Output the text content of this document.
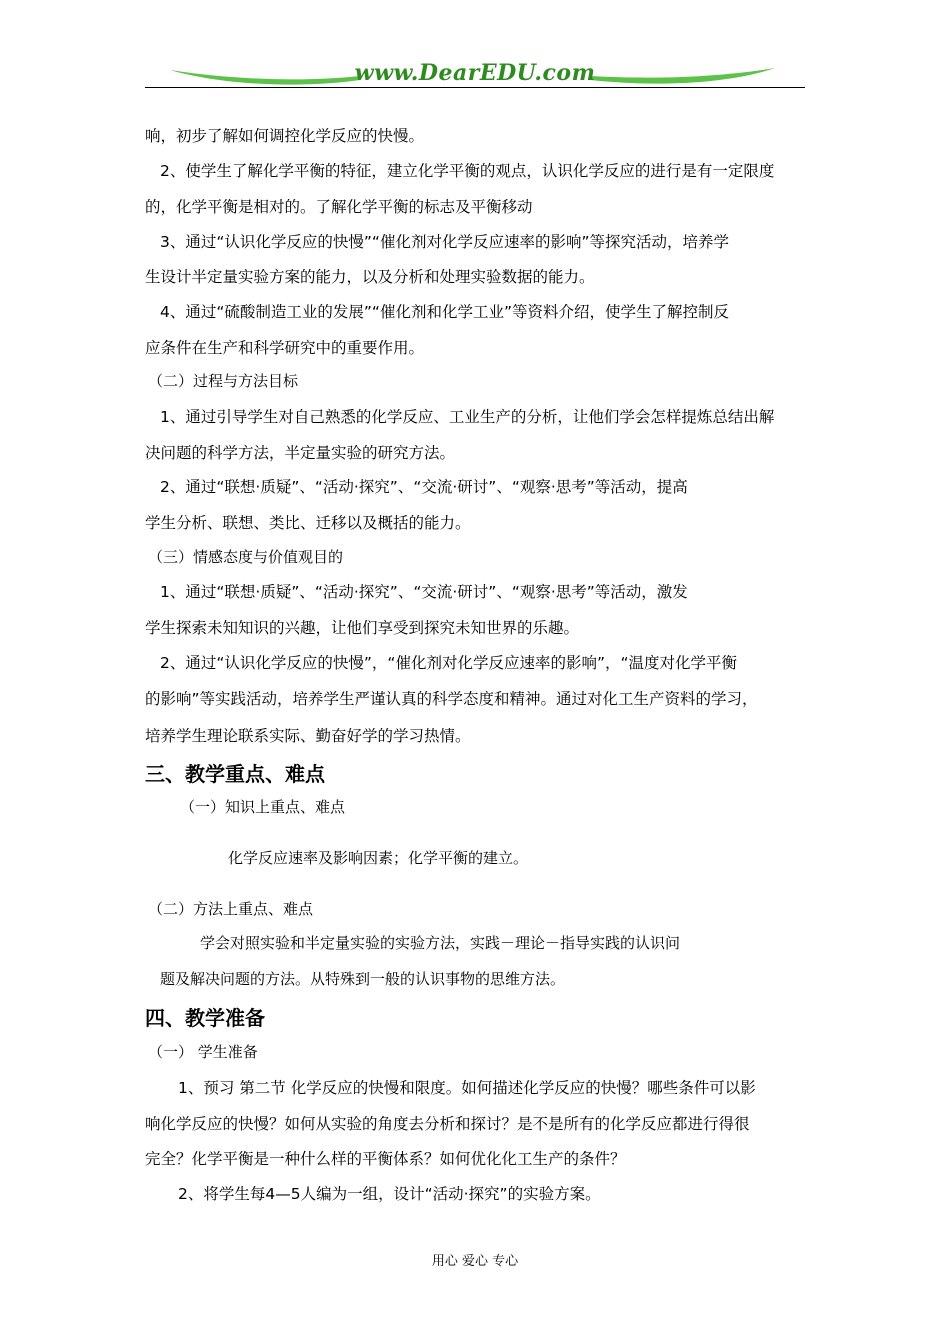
www.DearEDU.com

响，初步了解如何调控化学反应的快慢。

2、使学生了解化学平衡的特征，建立化学平衡的观点，认识化学反应的进行是有一定限度

的，化学平衡是相对的。了解化学平衡的标志及平衡移动

3、通过“认识化学反应的快慢”“催化剂对化学反应速率的影响”等探究活动，培养学

生设计半定量实验方案的能力，以及分析和处理实验数据的能力。

4、通过“硫酸制造工业的发展”“催化剂和化学工业”等资料介绍，使学生了解控制反

应条件在生产和科学研究中的重要作用。

（二）过程与方法目标

1、通过引导学生对自己熟悉的化学反应、工业生产的分析，让他们学会怎样提炼总结出解

决问题的科学方法，半定量实验的研究方法。

2、通过“联想·质疑”、“活动·探究”、“交流·研讨”、“观察·思考”等活动，提高

学生分析、联想、类比、迁移以及概括的能力。

（三）情感态度与价值观目的

1、通过“联想·质疑”、“活动·探究”、“交流·研讨”、“观察·思考”等活动，激发

学生探索未知知识的兴趣，让他们享受到探究未知世界的乐趣。

2、通过“认识化学反应的快慢”，“催化剂对化学反应速率的影响”，“温度对化学平衡

的影响”等实践活动，培养学生严谨认真的科学态度和精神。通过对化工生产资料的学习，

培养学生理论联系实际、勤奋好学的学习热情。

三、教学重点、难点

（一）知识上重点、难点

化学反应速率及影响因素；化学平衡的建立。

（二）方法上重点、难点

学会对照实验和半定量实验的实验方法，实践－理论－指导实践的认识问

题及解决问题的方法。从特殊到一般的认识事物的思维方法。

四、教学准备

（一） 学生准备

1、预习 第二节 化学反应的快慢和限度。如何描述化学反应的快慢？哪些条件可以影

响化学反应的快慢？如何从实验的角度去分析和探讨？是不是所有的化学反应都进行得很

完全？化学平衡是一种什么样的平衡体系？如何优化化工生产的条件？

2、将学生每4—5人编为一组，设计“活动·探究”的实验方案。

用心 爱心 专心
